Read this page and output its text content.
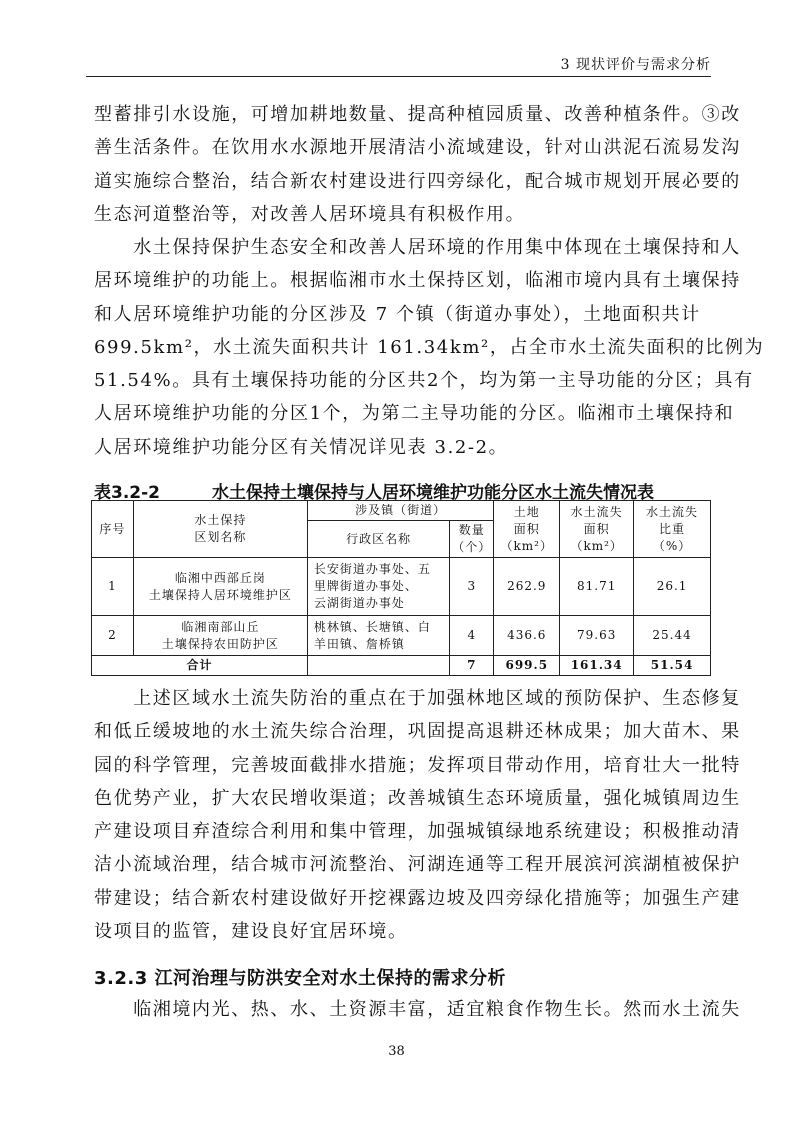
3 现状评价与需求分析
型蓄排引水设施，可增加耕地数量、提高种植园质量、改善种植条件。③改
善生活条件。在饮用水水源地开展清洁小流域建设，针对山洪泥石流易发沟
道实施综合整治，结合新农村建设进行四旁绿化，配合城市规划开展必要的
生态河道整治等，对改善人居环境具有积极作用。
　　水土保持保护生态安全和改善人居环境的作用集中体现在土壤保持和人
居环境维护的功能上。根据临湘市水土保持区划，临湘市境内具有土壤保持
和人居环境维护功能的分区涉及 7 个镇（街道办事处），土地面积共计
699.5km²，水土流失面积共计 161.34km²，占全市水土流失面积的比例为
51.54%。具有土壤保持功能的分区共2个，均为第一主导功能的分区；具有
人居环境维护功能的分区1个，为第二主导功能的分区。临湘市土壤保持和
人居环境维护功能分区有关情况详见表 3.2-2。
表3.2-2	水土保持土壤保持与人居环境维护功能分区水土流失情况表
序号	水土保持
区划名称	涉及镇（街道）		土地
面积
（km²）	水土流失
面积
（km²）	水土流失
比重
（%）
		行政区名称	数量
（个）			
1	临湘中西部丘岗
土壤保持人居环境维护区	长安街道办事处、五
里牌街道办事处、
云湖街道办事处	3	262.9	81.71	26.1
2	临湘南部山丘
土壤保持农田防护区	桃林镇、长塘镇、白
羊田镇、詹桥镇	4	436.6	79.63	25.44
合计			7	699.5	161.34	51.54
　　上述区域水土流失防治的重点在于加强林地区域的预防保护、生态修复
和低丘缓坡地的水土流失综合治理，巩固提高退耕还林成果；加大苗木、果
园的科学管理，完善坡面截排水措施；发挥项目带动作用，培育壮大一批特
色优势产业，扩大农民增收渠道；改善城镇生态环境质量，强化城镇周边生
产建设项目弃渣综合利用和集中管理，加强城镇绿地系统建设；积极推动清
洁小流域治理，结合城市河流整治、河湖连通等工程开展滨河滨湖植被保护
带建设；结合新农村建设做好开挖裸露边坡及四旁绿化措施等；加强生产建
设项目的监管，建设良好宜居环境。
3.2.3 江河治理与防洪安全对水土保持的需求分析
　　临湘境内光、热、水、土资源丰富，适宜粮食作物生长。然而水土流失
38
